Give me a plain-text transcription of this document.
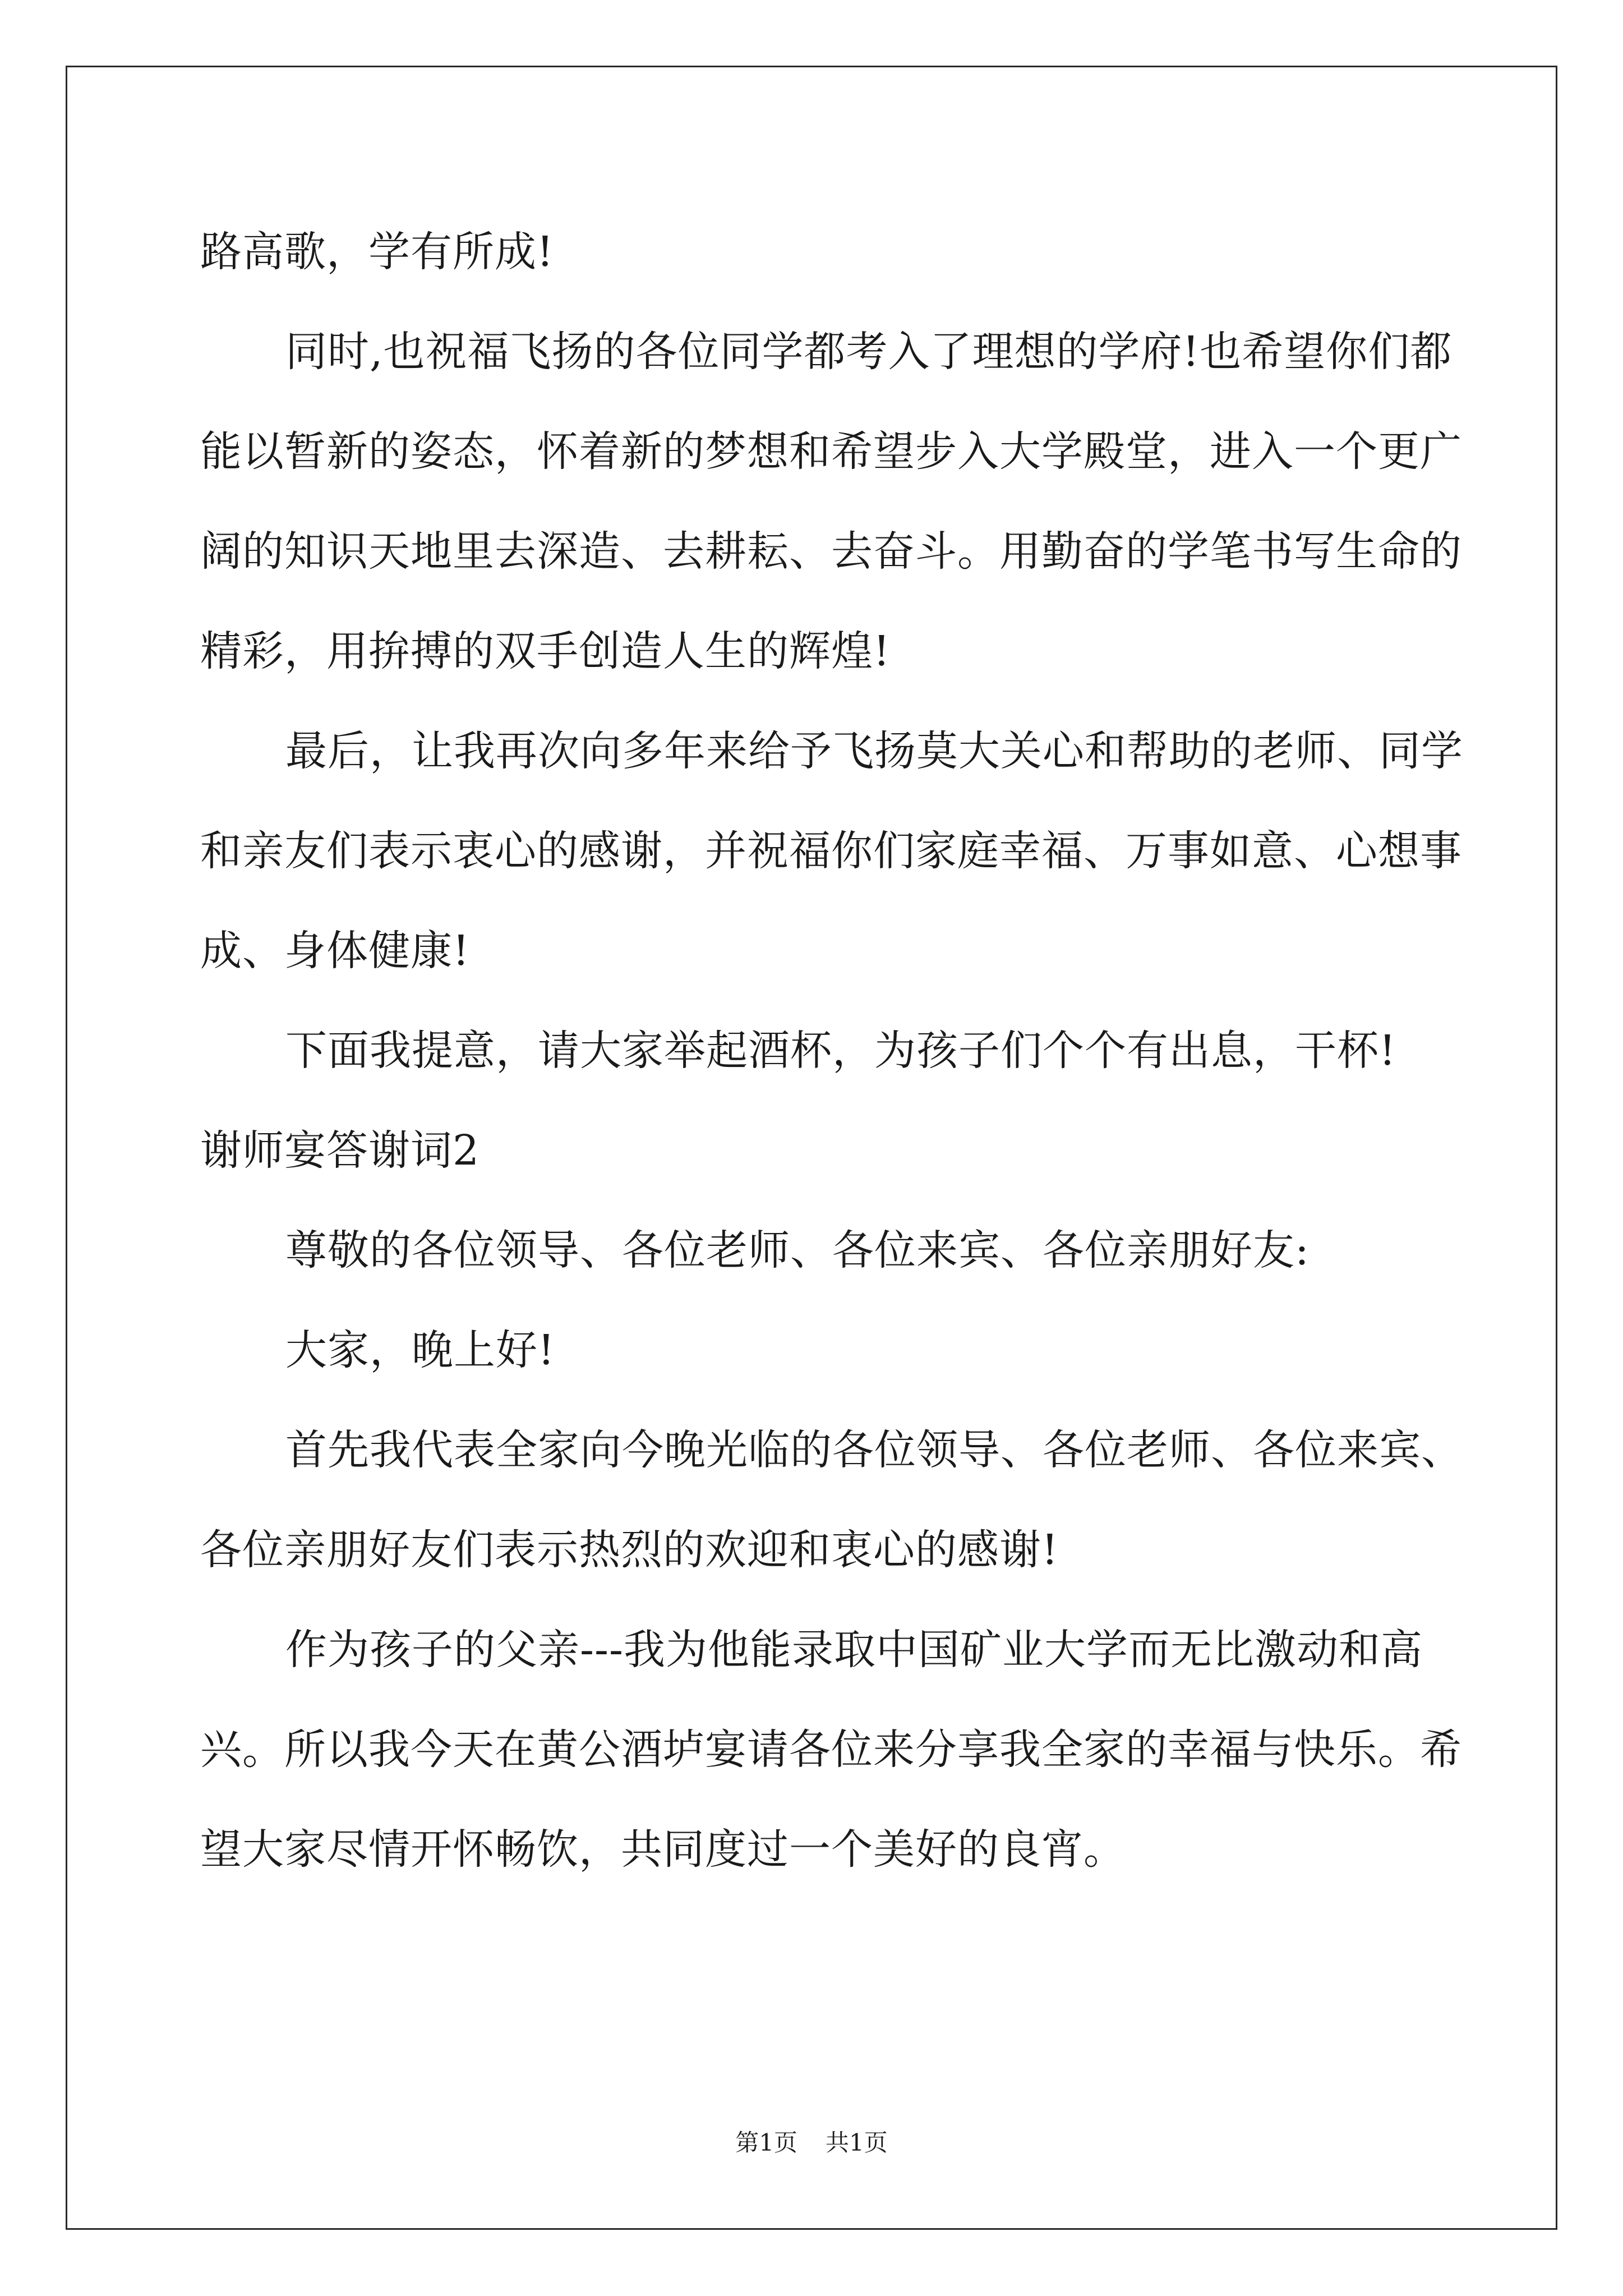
路高歌，学有所成!
同时,也祝福飞扬的各位同学都考入了理想的学府!也希望你们都
能以暂新的姿态，怀着新的梦想和希望步入大学殿堂，进入一个更广
阔的知识天地里去深造、去耕耘、去奋斗。用勤奋的学笔书写生命的
精彩，用拚搏的双手创造人生的辉煌!
最后，让我再次向多年来给予飞扬莫大关心和帮助的老师、同学
和亲友们表示衷心的感谢，并祝福你们家庭幸福、万事如意、心想事
成、身体健康!
下面我提意，请大家举起酒杯，为孩子们个个有出息，干杯!
谢师宴答谢词2
尊敬的各位领导、各位老师、各位来宾、各位亲朋好友:
大家，晚上好!
首先我代表全家向今晚光临的各位领导、各位老师、各位来宾、
各位亲朋好友们表示热烈的欢迎和衷心的感谢!
作为孩子的父亲---我为他能录取中国矿业大学而无比激动和高
兴。所以我今天在黄公酒垆宴请各位来分享我全家的幸福与快乐。希
望大家尽情开怀畅饮，共同度过一个美好的良宵。
第1页 共1页
